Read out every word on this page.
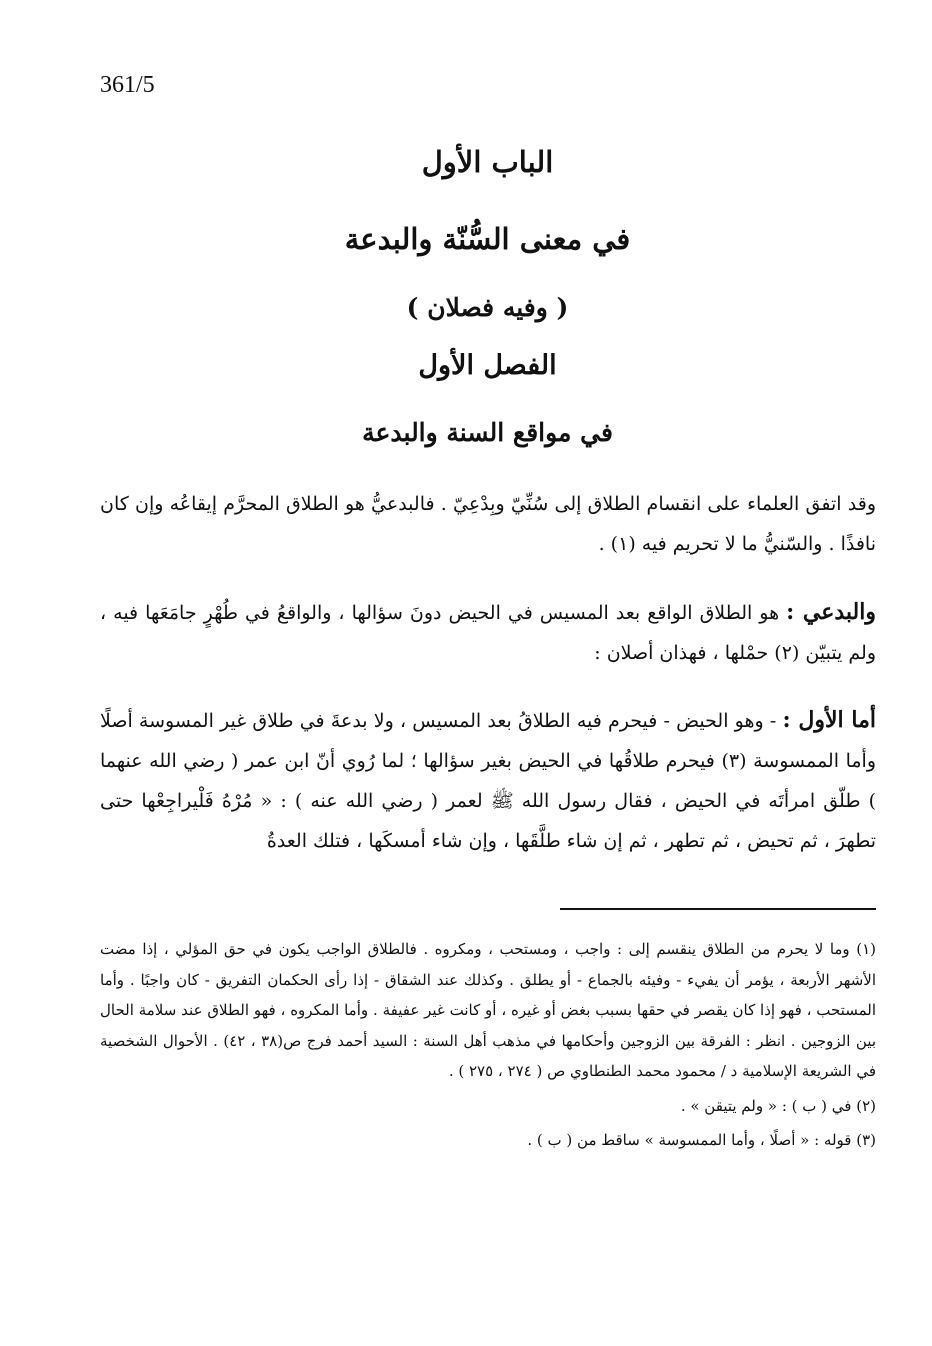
361/5
الباب الأول
في معنى السُّنّة والبدعة
( وفيه فصلان )
الفصل الأول
في مواقع السنة والبدعة
وقد اتفق العلماء على انقسام الطلاق إلى سُنِّيّ وبِدْعِيّ . فالبدعيُّ هو الطلاق المحرَّم إيقاعُه وإن كان نافذًا . والسّنيُّ ما لا تحريم فيه (١) .
والبدعي : هو الطلاق الواقع بعد المسيس في الحيض دونَ سؤالها ، والواقعُ في طُهْرٍ جامَعَها فيه ، ولم يتبيّن (٢) حمْلها ، فهذان أصلان :
أما الأول : - وهو الحيض - فيحرم فيه الطلاقُ بعد المسيس ، ولا بدعةَ في طلاق غير المسوسة أصلًا وأما الممسوسة (٣) فيحرم طلاقُها في الحيض بغير سؤالها ؛ لما رُوي أنّ ابن عمر ( رضي الله عنهما ) طلّق امرأتَه في الحيض ، فقال رسول الله ﷺ لعمر ( رضي الله عنه ) : « مُرْهُ فَلْيراجِعْها حتى تطهرَ ، ثم تحيض ، ثم تطهر ، ثم إن شاء طلَّقَها ، وإن شاء أمسكَها ، فتلك العدةُ

(١) وما لا يحرم من الطلاق ينقسم إلى : واجب ، ومستحب ، ومكروه . فالطلاق الواجب يكون في حق المؤلي ، إذا مضت الأشهر الأربعة ، يؤمر أن يفيء - وفيئه بالجماع - أو يطلق . وكذلك عند الشقاق - إذا رأى الحكمان التفريق - كان واجبًا . وأما المستحب ، فهو إذا كان يقصر في حقها بسبب بغض أو غيره ، أو كانت غير عفيفة . وأما المكروه ، فهو الطلاق عند سلامة الحال بين الزوجين . انظر : الفرقة بين الزوجين وأحكامها في مذهب أهل السنة : السيد أحمد فرج ص(٣٨ ، ٤٢) . الأحوال الشخصية في الشريعة الإسلامية د / محمود محمد الطنطاوي ص ( ٢٧٤ ، ٢٧٥ ) .

(٢) في ( ب ) : « ولم يتيقن » .

(٣) قوله : « أصلًا ، وأما الممسوسة » ساقط من ( ب ) .
